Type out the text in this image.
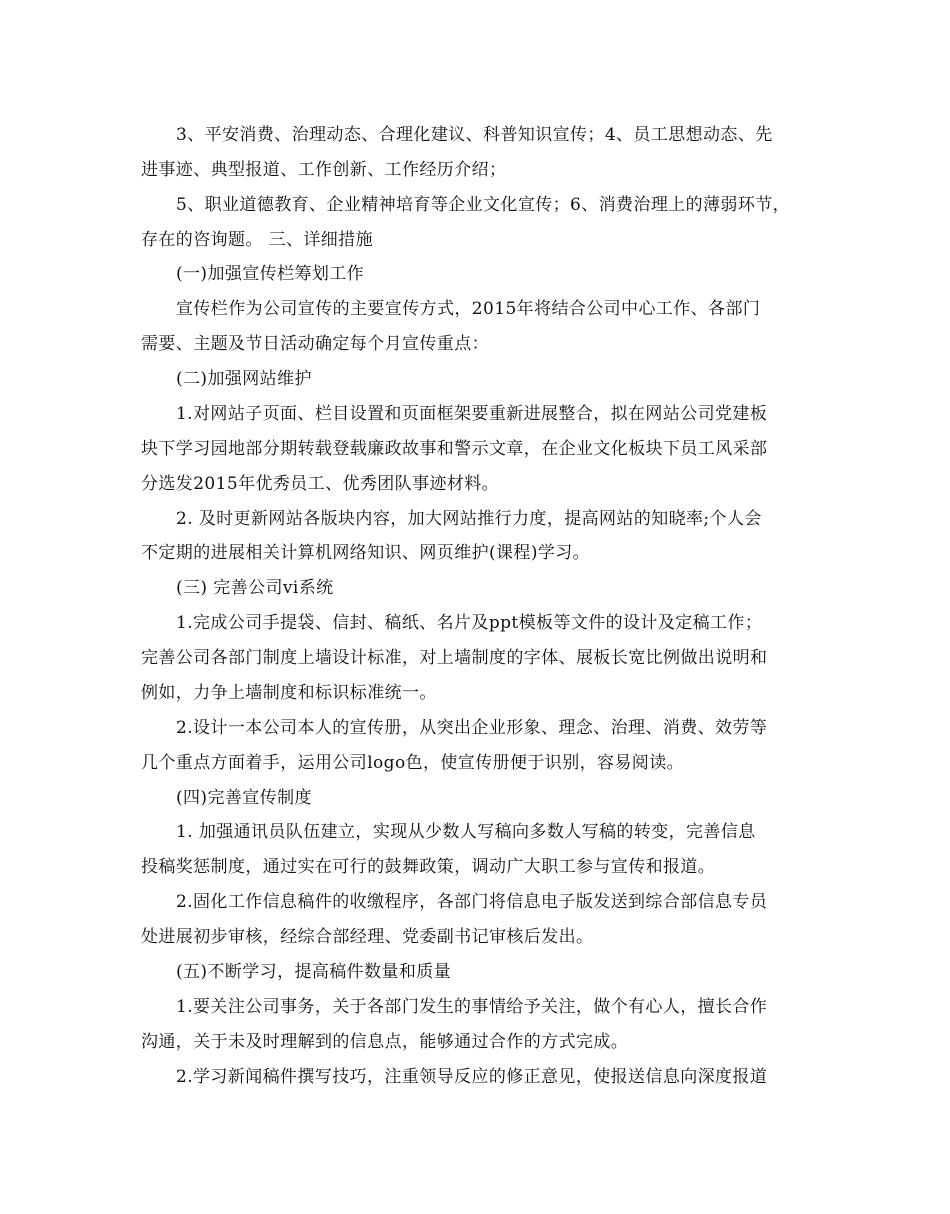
3、平安消费、治理动态、合理化建议、科普知识宣传；4、员工思想动态、先
进事迹、典型报道、工作创新、工作经历介绍；
5、职业道德教育、企业精神培育等企业文化宣传；6、消费治理上的薄弱环节，
存在的咨询题。 三、详细措施
(一)加强宣传栏筹划工作
宣传栏作为公司宣传的主要宣传方式，2015年将结合公司中心工作、各部门
需要、主题及节日活动确定每个月宣传重点：
(二)加强网站维护
1.对网站子页面、栏目设置和页面框架要重新进展整合，拟在网站公司党建板
块下学习园地部分期转载登载廉政故事和警示文章，在企业文化板块下员工风采部
分选发2015年优秀员工、优秀团队事迹材料。
2. 及时更新网站各版块内容，加大网站推行力度，提高网站的知晓率;个人会
不定期的进展相关计算机网络知识、网页维护(课程)学习。
(三) 完善公司vi系统
1.完成公司手提袋、信封、稿纸、名片及ppt模板等文件的设计及定稿工作；
完善公司各部门制度上墙设计标准，对上墙制度的字体、展板长宽比例做出说明和
例如，力争上墙制度和标识标准统一。
2.设计一本公司本人的宣传册，从突出企业形象、理念、治理、消费、效劳等
几个重点方面着手，运用公司logo色，使宣传册便于识别，容易阅读。
(四)完善宣传制度
1. 加强通讯员队伍建立，实现从少数人写稿向多数人写稿的转变，完善信息
投稿奖惩制度，通过实在可行的鼓舞政策，调动广大职工参与宣传和报道。
2.固化工作信息稿件的收缴程序，各部门将信息电子版发送到综合部信息专员
处进展初步审核，经综合部经理、党委副书记审核后发出。
(五)不断学习，提高稿件数量和质量
1.要关注公司事务，关于各部门发生的事情给予关注，做个有心人，擅长合作
沟通，关于未及时理解到的信息点，能够通过合作的方式完成。
2.学习新闻稿件撰写技巧，注重领导反应的修正意见，使报送信息向深度报道
